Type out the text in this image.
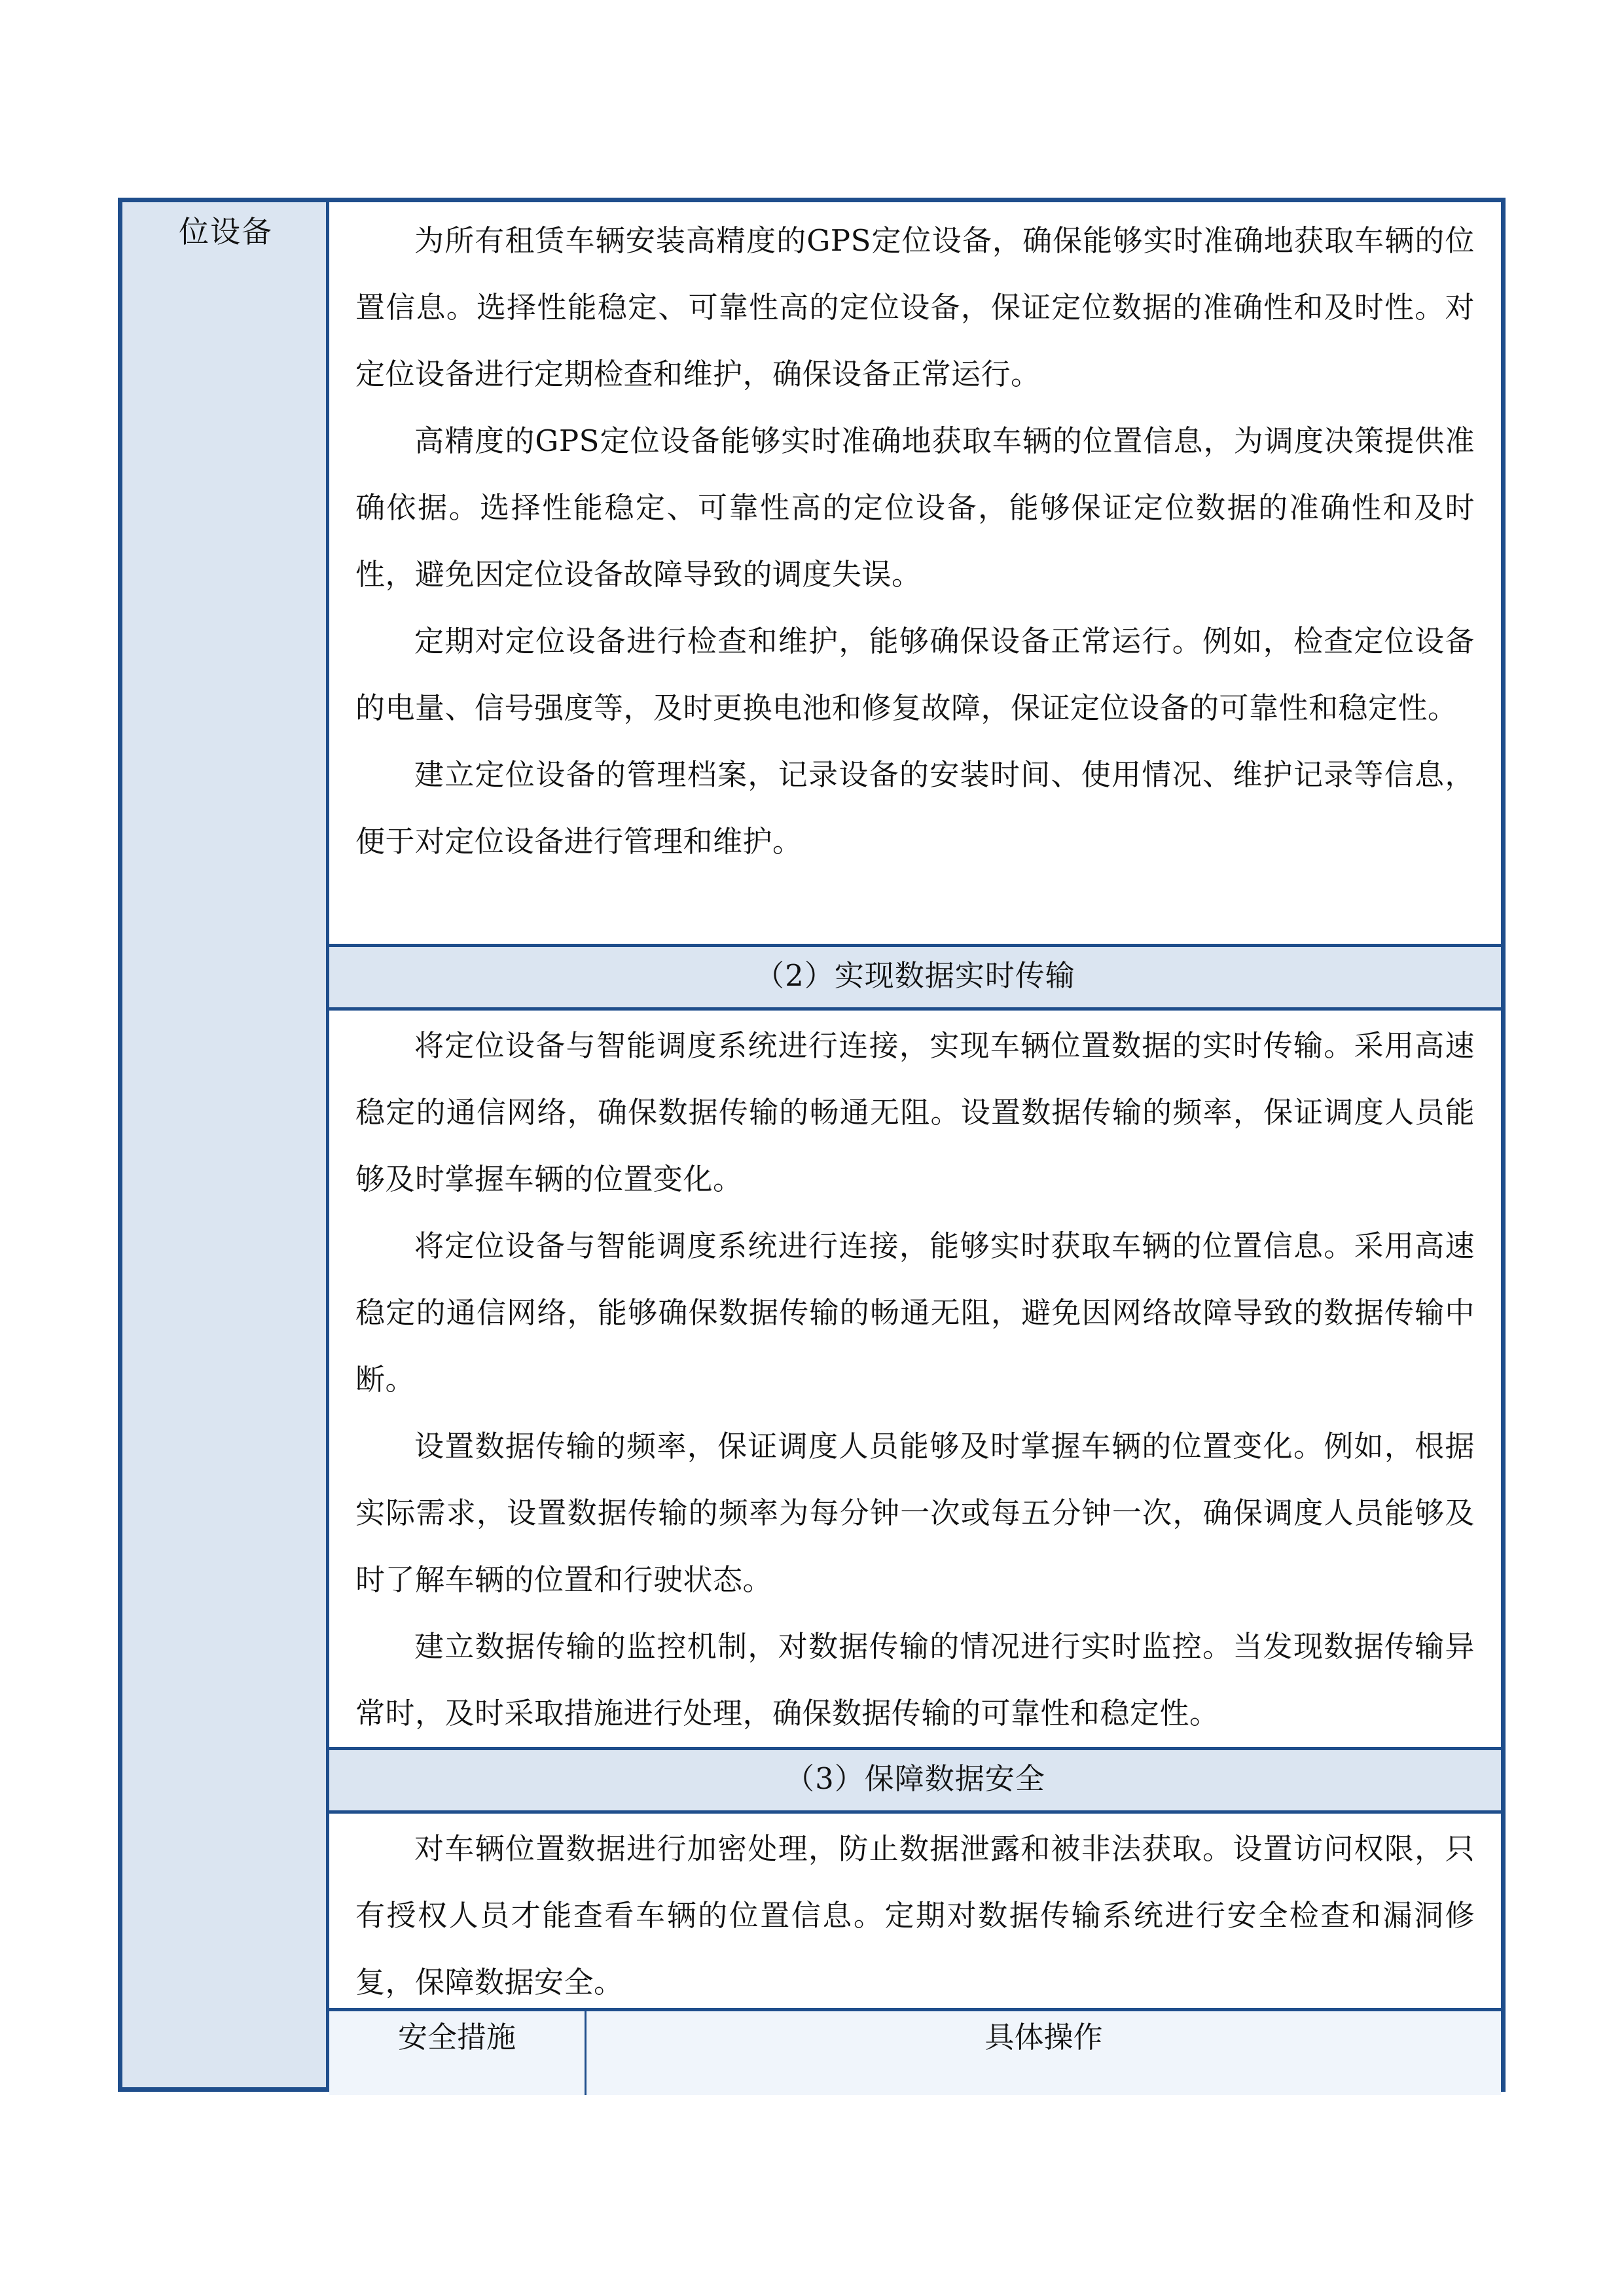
位设备	为所有租赁车辆安装高精度的GPS定位设备，确保能够实时准确地获取车辆的位置信息。选择性能稳定、可靠性高的定位设备，保证定位数据的准确性和及时性。对定位设备进行定期检查和维护，确保设备正常运行。

高精度的GPS定位设备能够实时准确地获取车辆的位置信息，为调度决策提供准确依据。选择性能稳定、可靠性高的定位设备，能够保证定位数据的准确性和及时性，避免因定位设备故障导致的调度失误。

定期对定位设备进行检查和维护，能够确保设备正常运行。例如，检查定位设备的电量、信号强度等，及时更换电池和修复故障，保证定位设备的可靠性和稳定性。

建立定位设备的管理档案，记录设备的安装时间、使用情况、维护记录等信息，便于对定位设备进行管理和维护。

（2）实现数据实时传输

将定位设备与智能调度系统进行连接，实现车辆位置数据的实时传输。采用高速稳定的通信网络，确保数据传输的畅通无阻。设置数据传输的频率，保证调度人员能够及时掌握车辆的位置变化。

将定位设备与智能调度系统进行连接，能够实时获取车辆的位置信息。采用高速稳定的通信网络，能够确保数据传输的畅通无阻，避免因网络故障导致的数据传输中断。

设置数据传输的频率，保证调度人员能够及时掌握车辆的位置变化。例如，根据实际需求，设置数据传输的频率为每分钟一次或每五分钟一次，确保调度人员能够及时了解车辆的位置和行驶状态。

建立数据传输的监控机制，对数据传输的情况进行实时监控。当发现数据传输异常时，及时采取措施进行处理，确保数据传输的可靠性和稳定性。

（3）保障数据安全

对车辆位置数据进行加密处理，防止数据泄露和被非法获取。设置访问权限，只有授权人员才能查看车辆的位置信息。定期对数据传输系统进行安全检查和漏洞修复，保障数据安全。

安全措施	具体操作
